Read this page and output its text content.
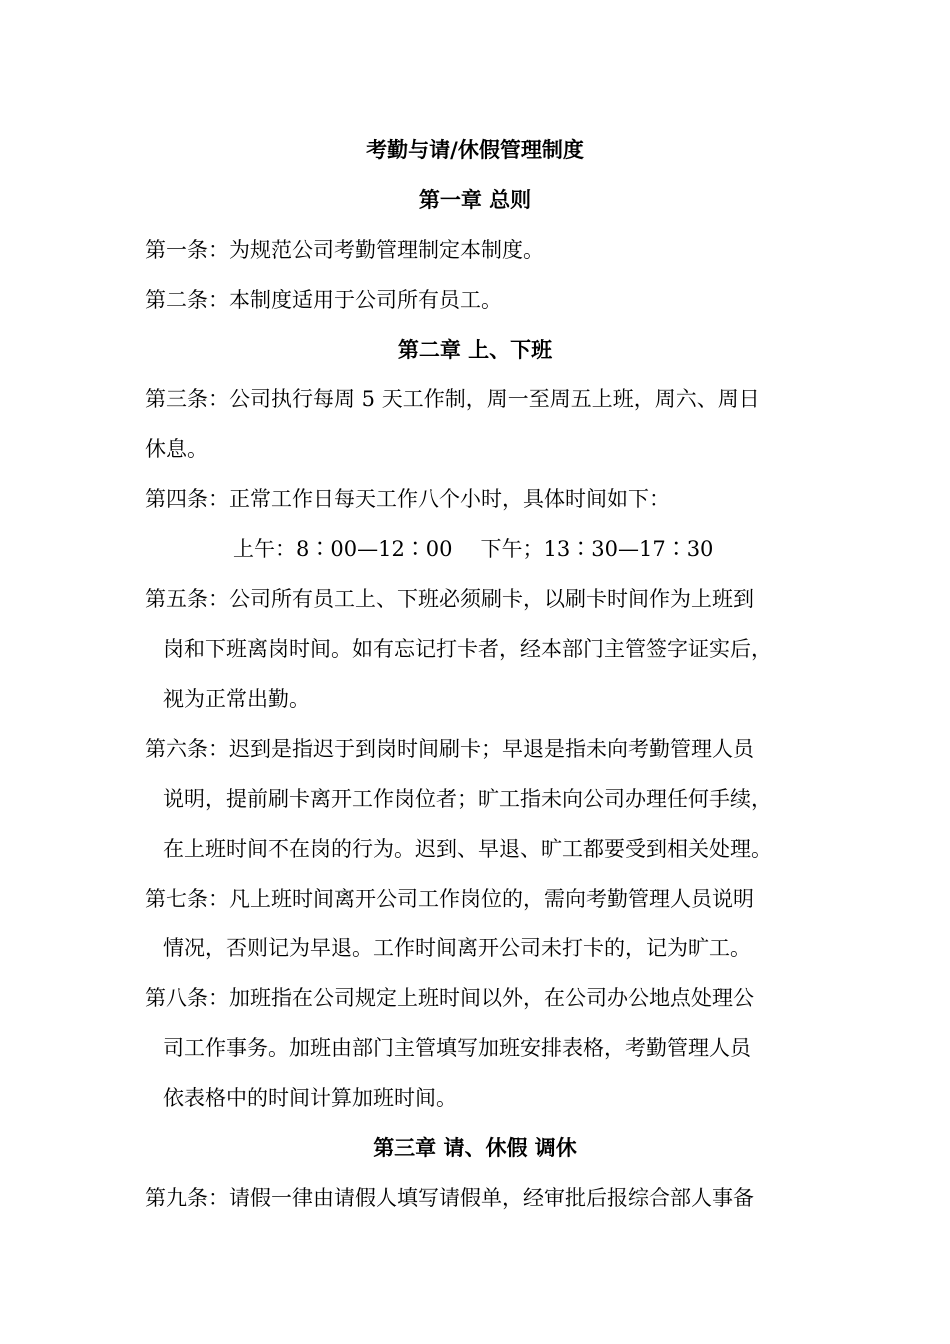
考勤与请/休假管理制度
第一章 总则
第一条：为规范公司考勤管理制定本制度。
第二条：本制度适用于公司所有员工。
第二章 上、下班
第三条：公司执行每周 5 天工作制，周一至周五上班，周六、周日
休息。
第四条：正常工作日每天工作八个小时，具体时间如下：
上午：8∶00—12∶00 下午；13∶30—17∶30
第五条：公司所有员工上、下班必须刷卡，以刷卡时间作为上班到
岗和下班离岗时间。如有忘记打卡者，经本部门主管签字证实后，
视为正常出勤。
第六条：迟到是指迟于到岗时间刷卡；早退是指未向考勤管理人员
说明，提前刷卡离开工作岗位者；旷工指未向公司办理任何手续，
在上班时间不在岗的行为。迟到、早退、旷工都要受到相关处理。
第七条：凡上班时间离开公司工作岗位的，需向考勤管理人员说明
情况，否则记为早退。工作时间离开公司未打卡的，记为旷工。
第八条：加班指在公司规定上班时间以外，在公司办公地点处理公
司工作事务。加班由部门主管填写加班安排表格，考勤管理人员
依表格中的时间计算加班时间。
第三章 请、休假 调休
第九条：请假一律由请假人填写请假单，经审批后报综合部人事备
